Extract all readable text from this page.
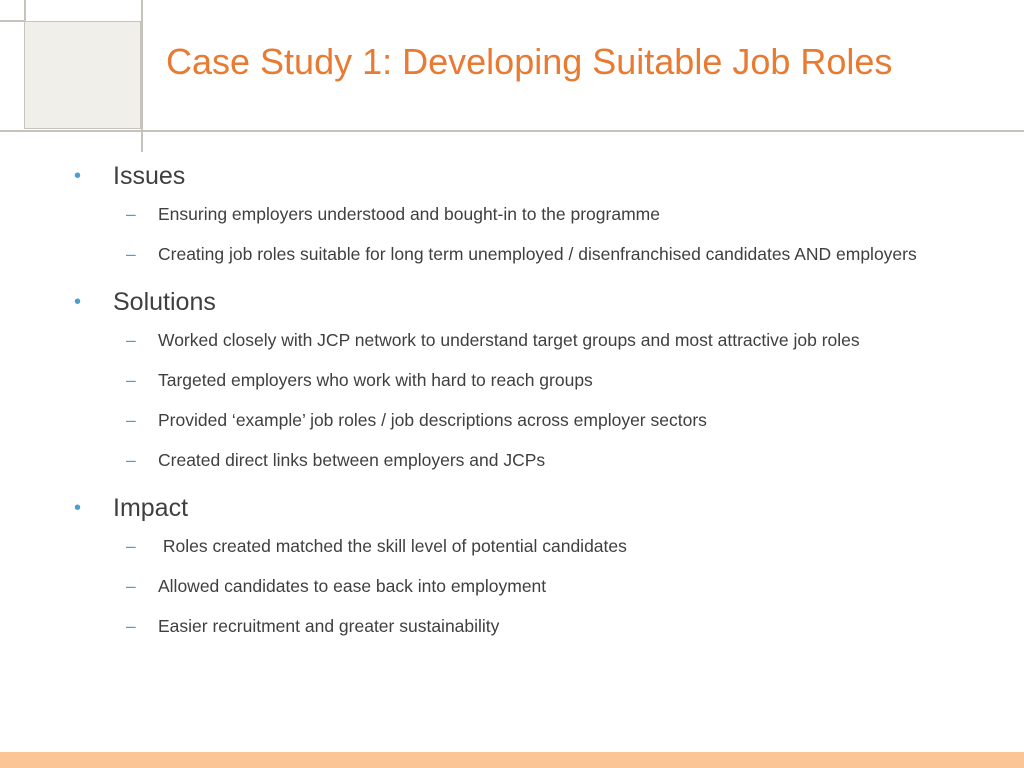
Case Study 1: Developing Suitable Job Roles
• Issues
– Ensuring employers understood and bought-in to the programme
– Creating job roles suitable for long term unemployed / disenfranchised candidates AND employers
• Solutions
– Worked closely with JCP network to understand target groups and most attractive job roles
– Targeted employers who work with hard to reach groups
– Provided ‘example’ job roles / job descriptions across employer sectors
– Created direct links between employers and JCPs
• Impact
– Roles created matched the skill level of potential candidates
– Allowed candidates to ease back into employment
– Easier recruitment and greater sustainability
